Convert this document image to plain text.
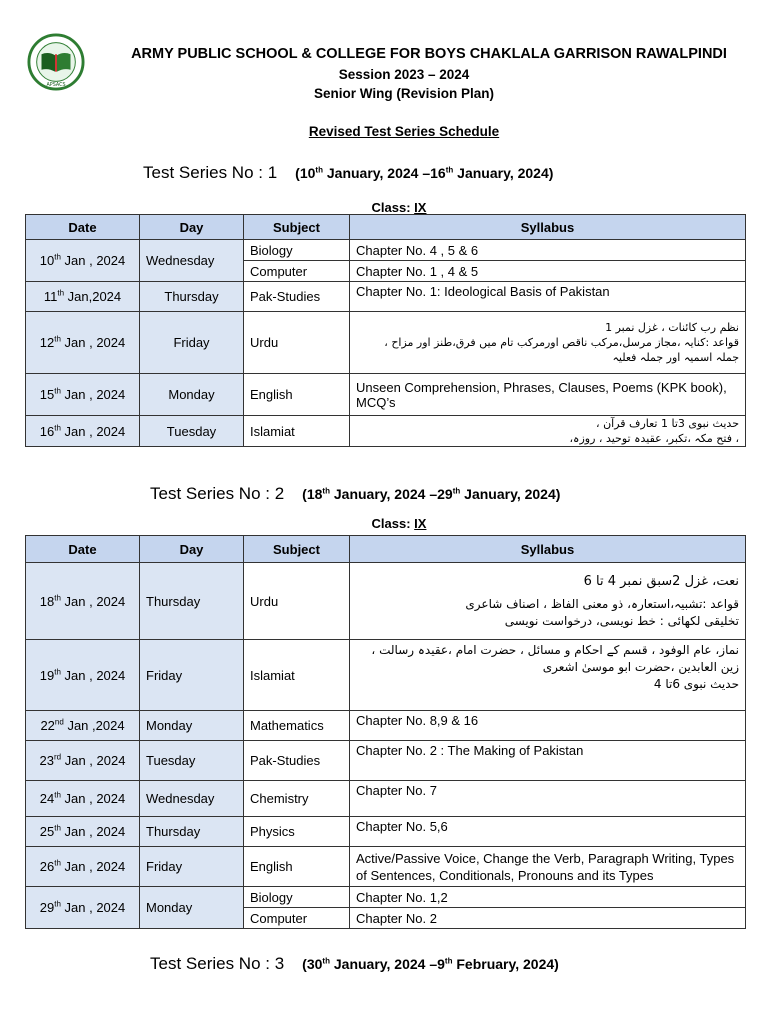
APSACS
ARMY PUBLIC SCHOOL & COLLEGE FOR BOYS CHAKLALA GARRISON RAWALPINDI
Session 2023 – 2024
Senior Wing (Revision Plan)
Revised Test Series Schedule
Test Series No : 1 (10th January, 2024 –16th January, 2024)
Class: IX
Date	Day	Subject	Syllabus
10th Jan , 2024	Wednesday	Biology	Chapter No. 4 , 5 & 6
		Computer	Chapter No. 1 , 4 & 5
11th Jan,2024	Thursday	Pak-Studies	Chapter No. 1: Ideological Basis of Pakistan
12th Jan , 2024	Friday	Urdu	نظم رب کائنات ، غزل نمبر 1
قواعد :کنایہ ،مجاز مرسل،مرکب ناقص اورمرکب تام میں فرق،طنز اور مزاح ،
جملہ اسمیہ اور جملہ فعلیہ

15th Jan , 2024	Monday	English	Unseen Comprehension, Phrases, Clauses, Poems (KPK book), MCQ’s
16th Jan , 2024	Tuesday	Islamiat	حدیث نبوی 3تا 1 تعارف قرآن ،
، فتح مکہ ،تکبر، عقیدہ توحید ، روزہ،
Test Series No : 2 (18th January, 2024 –29th January, 2024)
Class: IX
Date	Day	Subject	Syllabus
18th Jan , 2024	Thursday	Urdu	نعت، غزل 2سبق نمبر 4 تا 6
قواعد :تشبیہ،استعارہ، ذو معنی الفاظ ، اصناف شاعری
تخلیقی لکھائی : خط نویسی، درخواست نویسی

19th Jan , 2024	Friday	Islamiat	نماز، عام الوفود ، قسم کے احکام و مسائل ، حضرت امام ،عقیدہ رسالت ،
زین العابدین ،حضرت ابو موسیٰ اشعری
حدیث نبوی 6تا 4

22nd Jan ,2024	Monday	Mathematics	Chapter No. 8,9 & 16
23rd Jan , 2024	Tuesday	Pak-Studies	Chapter No. 2 : The Making of Pakistan
24th Jan , 2024	Wednesday	Chemistry	Chapter No. 7
25th Jan , 2024	Thursday	Physics	Chapter No. 5,6
26th Jan , 2024	Friday	English	Active/Passive Voice, Change the Verb, Paragraph Writing, Types of Sentences, Conditionals, Pronouns and its Types
29th Jan , 2024	Monday	Biology	Chapter No. 1,2
		Computer	Chapter No. 2
Test Series No : 3 (30th January, 2024 –9th February, 2024)
